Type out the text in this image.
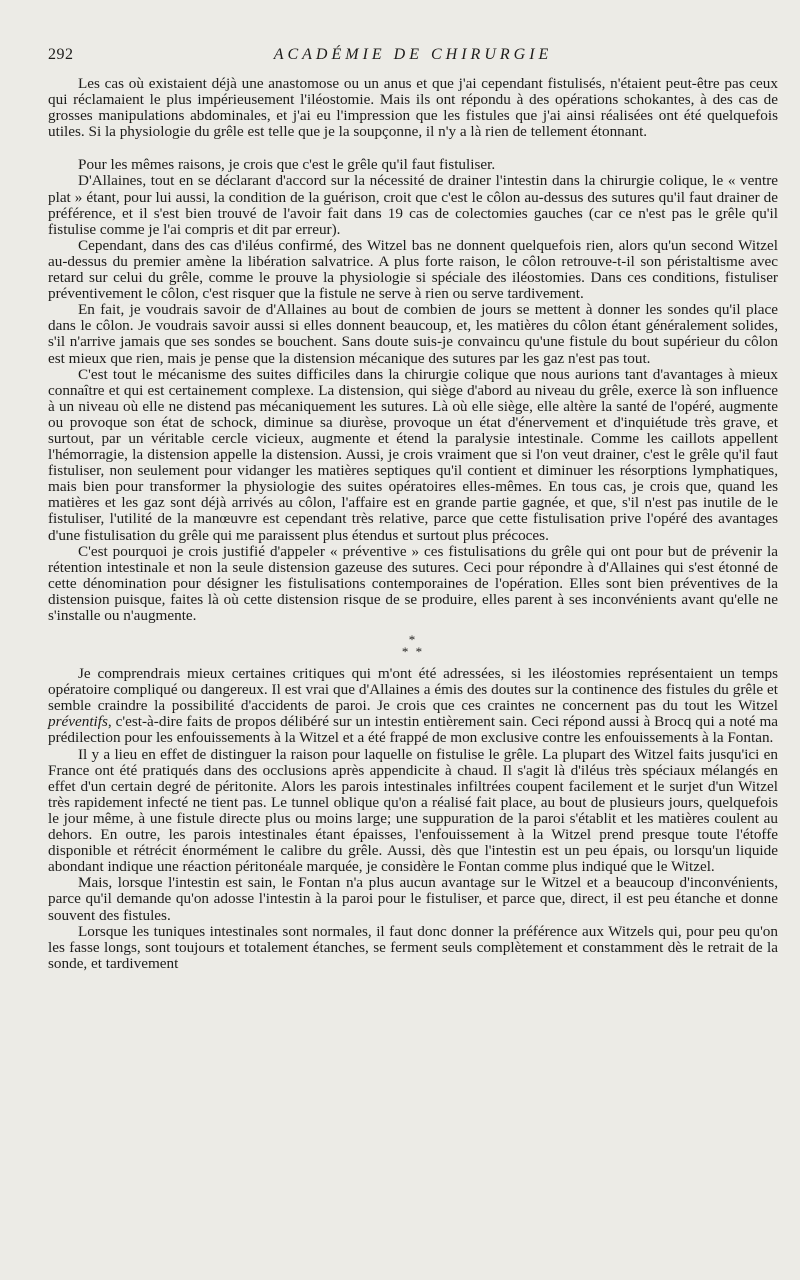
292	ACADÉMIE DE CHIRURGIE

Les cas où existaient déjà une anastomose ou un anus et que j'ai cependant fistulisés, n'étaient peut-être pas ceux qui réclamaient le plus impérieusement l'iléostomie. Mais ils ont répondu à des opérations schokantes, à des cas de grosses manipulations abdominales, et j'ai eu l'impression que les fistules que j'ai ainsi réalisées ont été quelquefois utiles. Si la physiologie du grêle est telle que je la soupçonne, il n'y a là rien de tellement étonnant.

Pour les mêmes raisons, je crois que c'est le grêle qu'il faut fistuliser.

D'Allaines, tout en se déclarant d'accord sur la nécessité de drainer l'intestin dans la chirurgie colique, le « ventre plat » étant, pour lui aussi, la condition de la guérison, croit que c'est le côlon au-dessus des sutures qu'il faut drainer de préférence, et il s'est bien trouvé de l'avoir fait dans 19 cas de colectomies gauches (car ce n'est pas le grêle qu'il fistulise comme je l'ai compris et dit par erreur).

Cependant, dans des cas d'iléus confirmé, des Witzel bas ne donnent quelquefois rien, alors qu'un second Witzel au-dessus du premier amène la libération salvatrice. A plus forte raison, le côlon retrouve-t-il son péristaltisme avec retard sur celui du grêle, comme le prouve la physiologie si spéciale des iléostomies. Dans ces conditions, fistuliser préventivement le côlon, c'est risquer que la fistule ne serve à rien ou serve tardivement.

En fait, je voudrais savoir de d'Allaines au bout de combien de jours se mettent à donner les sondes qu'il place dans le côlon. Je voudrais savoir aussi si elles donnent beaucoup, et, les matières du côlon étant généralement solides, s'il n'arrive jamais que ses sondes se bouchent. Sans doute suis-je convaincu qu'une fistule du bout supérieur du côlon est mieux que rien, mais je pense que la distension mécanique des sutures par les gaz n'est pas tout.

C'est tout le mécanisme des suites difficiles dans la chirurgie colique que nous aurions tant d'avantages à mieux connaître et qui est certainement complexe. La distension, qui siège d'abord au niveau du grêle, exerce là son influence à un niveau où elle ne distend pas mécaniquement les sutures. Là où elle siège, elle altère la santé de l'opéré, augmente ou provoque son état de schock, diminue sa diurèse, provoque un état d'énervement et d'inquiétude très grave, et surtout, par un véritable cercle vicieux, augmente et étend la paralysie intestinale. Comme les caillots appellent l'hémorragie, la distension appelle la distension. Aussi, je crois vraiment que si l'on veut drainer, c'est le grêle qu'il faut fistuliser, non seulement pour vidanger les matières septiques qu'il contient et diminuer les résorptions lymphatiques, mais bien pour transformer la physiologie des suites opératoires elles-mêmes. En tous cas, je crois que, quand les matières et les gaz sont déjà arrivés au côlon, l'affaire est en grande partie gagnée, et que, s'il n'est pas inutile de le fistuliser, l'utilité de la manœuvre est cependant très relative, parce que cette fistulisation prive l'opéré des avantages d'une fistulisation du grêle qui me paraissent plus étendus et surtout plus précoces.

C'est pourquoi je crois justifié d'appeler « préventive » ces fistulisations du grêle qui ont pour but de prévenir la rétention intestinale et non la seule distension gazeuse des sutures. Ceci pour répondre à d'Allaines qui s'est étonné de cette dénomination pour désigner les fistulisations contemporaines de l'opération. Elles sont bien préventives de la distension puisque, faites là où cette distension risque de se produire, elles parent à ses inconvénients avant qu'elle ne s'installe ou n'augmente.

*
* *

Je comprendrais mieux certaines critiques qui m'ont été adressées, si les iléostomies représentaient un temps opératoire compliqué ou dangereux. Il est vrai que d'Allaines a émis des doutes sur la continence des fistules du grêle et semble craindre la possibilité d'accidents de paroi. Je crois que ces craintes ne concernent pas du tout les Witzel préventifs, c'est-à-dire faits de propos délibéré sur un intestin entièrement sain. Ceci répond aussi à Brocq qui a noté ma prédilection pour les enfouissements à la Witzel et a été frappé de mon exclusive contre les enfouissements à la Fontan.

Il y a lieu en effet de distinguer la raison pour laquelle on fistulise le grêle. La plupart des Witzel faits jusqu'ici en France ont été pratiqués dans des occlusions après appendicite à chaud. Il s'agit là d'iléus très spéciaux mélangés en effet d'un certain degré de péritonite. Alors les parois intestinales infiltrées coupent facilement et le surjet d'un Witzel très rapidement infecté ne tient pas. Le tunnel oblique qu'on a réalisé fait place, au bout de plusieurs jours, quelquefois le jour même, à une fistule directe plus ou moins large; une suppuration de la paroi s'établit et les matières coulent au dehors. En outre, les parois intestinales étant épaisses, l'enfouissement à la Witzel prend presque toute l'étoffe disponible et rétrécit énormément le calibre du grêle. Aussi, dès que l'intestin est un peu épais, ou lorsqu'un liquide abondant indique une réaction péritonéale marquée, je considère le Fontan comme plus indiqué que le Witzel.

Mais, lorsque l'intestin est sain, le Fontan n'a plus aucun avantage sur le Witzel et a beaucoup d'inconvénients, parce qu'il demande qu'on adosse l'intestin à la paroi pour le fistuliser, et parce que, direct, il est peu étanche et donne souvent des fistules.

Lorsque les tuniques intestinales sont normales, il faut donc donner la préférence aux Witzels qui, pour peu qu'on les fasse longs, sont toujours et totalement étanches, se ferment seuls complètement et constamment dès le retrait de la sonde, et tardivement
